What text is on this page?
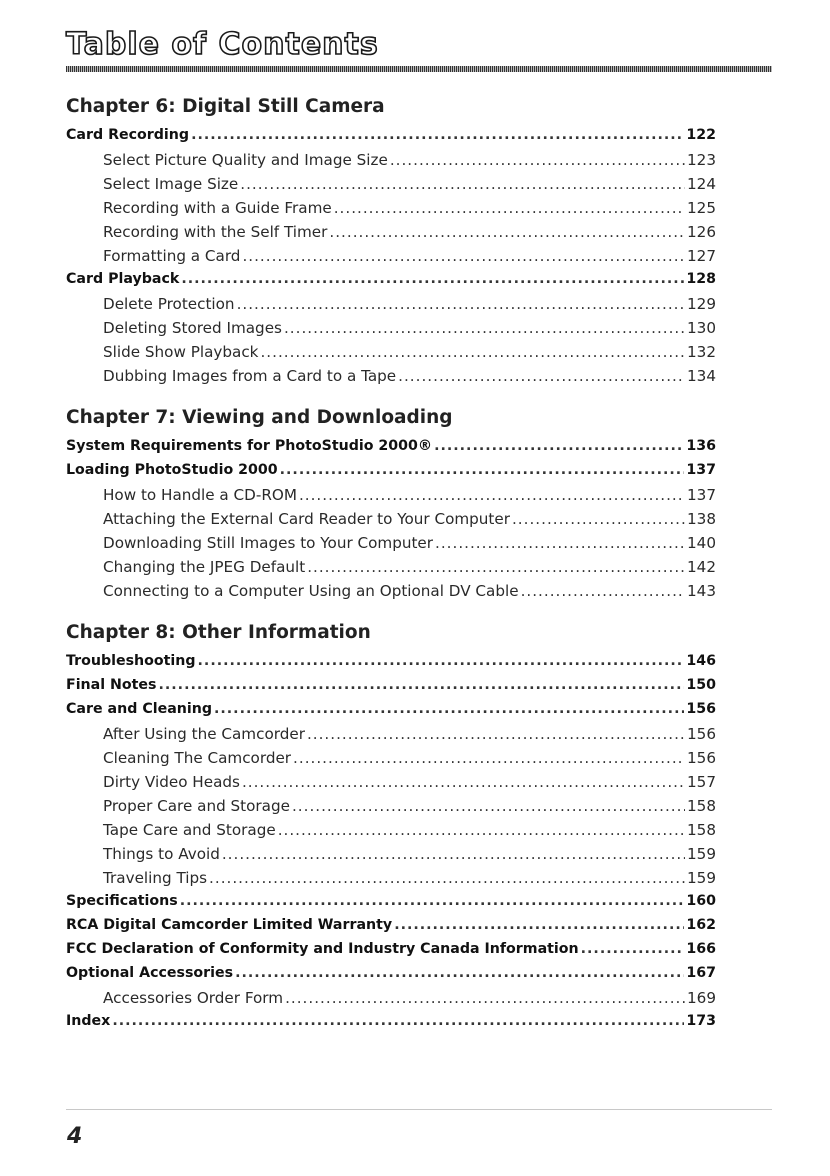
Table of Contents
Chapter 6: Digital Still Camera
Card Recording .....	122
Select Picture Quality and Image Size .....	123
Select Image Size .....	124
Recording with a Guide Frame .....	125
Recording with the Self Timer .....	126
Formatting a Card .....	127
Card Playback .....	128
Delete Protection .....	129
Deleting Stored Images .....	130
Slide Show Playback .....	132
Dubbing Images from a Card to a Tape .....	134
Chapter 7: Viewing and Downloading
System Requirements for PhotoStudio 2000® .....	136
Loading PhotoStudio 2000 .....	137
How to Handle a CD-ROM .....	137
Attaching the External Card Reader to Your Computer .....	138
Downloading Still Images to Your Computer .....	140
Changing the JPEG Default .....	142
Connecting to a Computer Using an Optional DV Cable .....	143
Chapter 8: Other Information
Troubleshooting .....	146
Final Notes .....	150
Care and Cleaning .....	156
After Using the Camcorder .....	156
Cleaning The Camcorder .....	156
Dirty Video Heads .....	157
Proper Care and Storage .....	158
Tape Care and Storage .....	158
Things to Avoid .....	159
Traveling Tips .....	159
Specifications .....	160
RCA Digital Camcorder Limited Warranty .....	162
FCC Declaration of Conformity and Industry Canada Information .....	166
Optional Accessories .....	167
Accessories Order Form .....	169
Index .....	173
4
